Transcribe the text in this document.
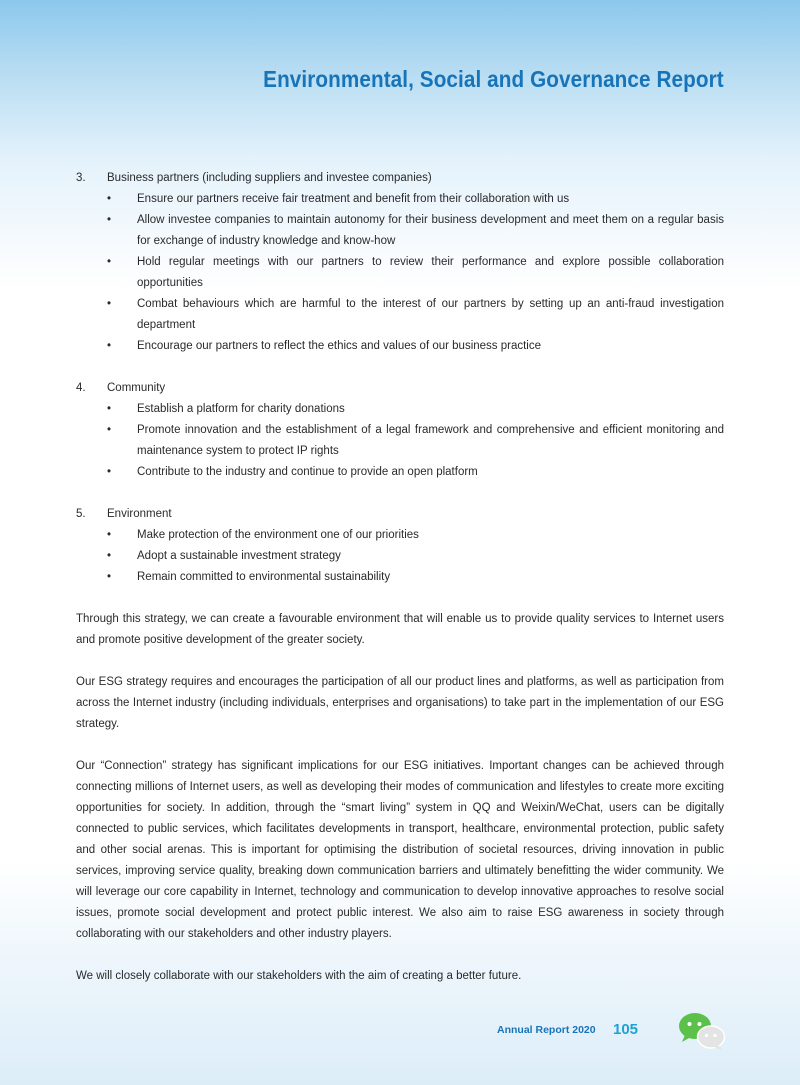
Environmental, Social and Governance Report
3.	Business partners (including suppliers and investee companies)
•	Ensure our partners receive fair treatment and benefit from their collaboration with us
•	Allow investee companies to maintain autonomy for their business development and meet them on a regular basis for exchange of industry knowledge and know-how
•	Hold regular meetings with our partners to review their performance and explore possible collaboration opportunities
•	Combat behaviours which are harmful to the interest of our partners by setting up an anti-fraud investigation department
•	Encourage our partners to reflect the ethics and values of our business practice
4.	Community
•	Establish a platform for charity donations
•	Promote innovation and the establishment of a legal framework and comprehensive and efficient monitoring and maintenance system to protect IP rights
•	Contribute to the industry and continue to provide an open platform
5.	Environment
•	Make protection of the environment one of our priorities
•	Adopt a sustainable investment strategy
•	Remain committed to environmental sustainability

Through this strategy, we can create a favourable environment that will enable us to provide quality services to Internet users and promote positive development of the greater society.

Our ESG strategy requires and encourages the participation of all our product lines and platforms, as well as participation from across the Internet industry (including individuals, enterprises and organisations) to take part in the implementation of our ESG strategy.

Our “Connection” strategy has significant implications for our ESG initiatives. Important changes can be achieved through connecting millions of Internet users, as well as developing their modes of communication and lifestyles to create more exciting opportunities for society. In addition, through the “smart living” system in QQ and Weixin/WeChat, users can be digitally connected to public services, which facilitates developments in transport, healthcare, environmental protection, public safety and other social arenas. This is important for optimising the distribution of societal resources, driving innovation in public services, improving service quality, breaking down communication barriers and ultimately benefitting the wider community. We will leverage our core capability in Internet, technology and communication to develop innovative approaches to resolve social issues, promote social development and protect public interest. We also aim to raise ESG awareness in society through collaborating with our stakeholders and other industry players.

We will closely collaborate with our stakeholders with the aim of creating a better future.

Annual Report 2020 105
